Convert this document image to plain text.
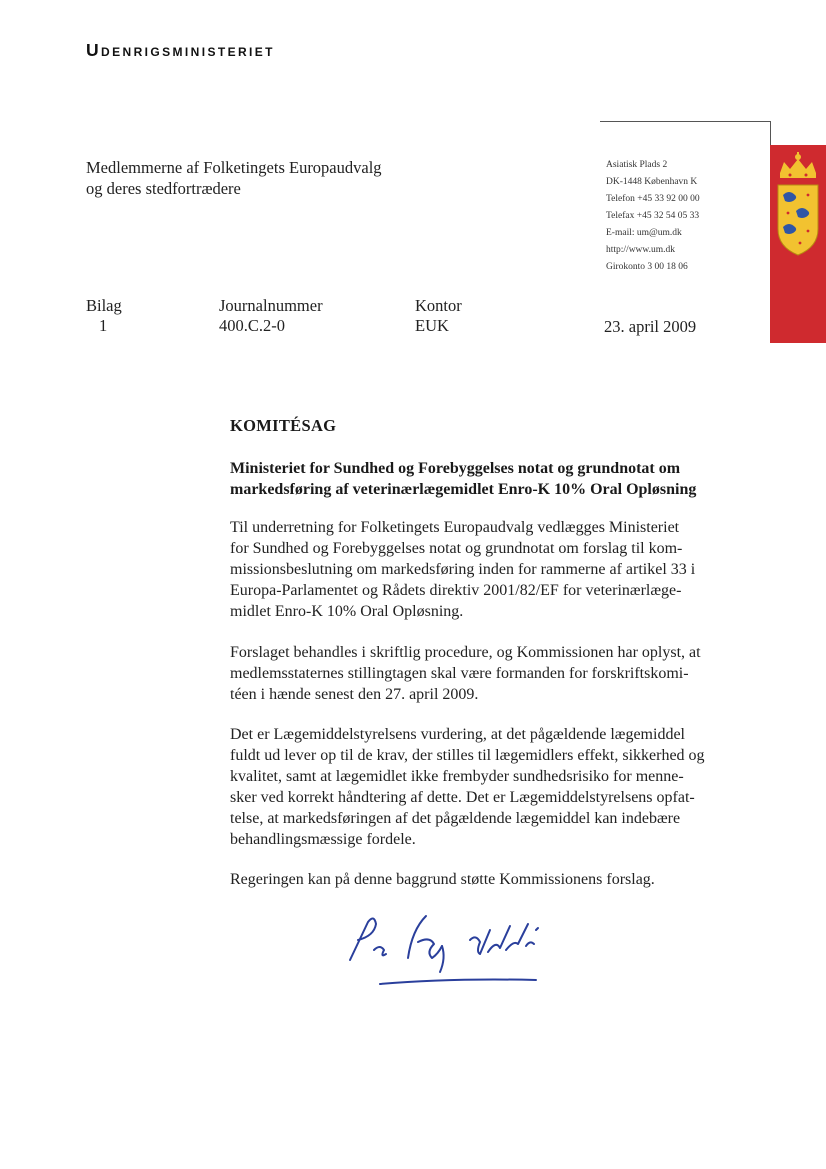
Udenrigsministeriet
Medlemmerne af Folketingets Europaudvalg
og deres stedfortrædere
Asiatisk Plads 2
DK-1448 København K
Telefon +45 33 92 00 00
Telefax +45 32 54 05 33
E-mail: um@um.dk
http://www.um.dk
Girokonto 3 00 18 06
Bilag
1
Journalnummer
400.C.2-0
Kontor
EUK	23. april 2009
KOMITÉSAG
Ministeriet for Sundhed og Forebyggelses notat og grundnotat om
markedsføring af veterinærlægemidlet Enro-K 10% Oral Opløsning
Til underretning for Folketingets Europaudvalg vedlægges Ministeriet
for Sundhed og Forebyggelses notat og grundnotat om forslag til kom-
missionsbeslutning om markedsføring inden for rammerne af artikel 33 i
Europa-Parlamentet og Rådets direktiv 2001/82/EF for veterinærlæge-
midlet Enro-K 10% Oral Opløsning.
Forslaget behandles i skriftlig procedure, og Kommissionen har oplyst, at
medlemsstaternes stillingtagen skal være formanden for forskriftskomi-
téen i hænde senest den 27. april 2009.
Det er Lægemiddelstyrelsens vurdering, at det pågældende lægemiddel
fuldt ud lever op til de krav, der stilles til lægemidlers effekt, sikkerhed og
kvalitet, samt at lægemidlet ikke frembyder sundhedsrisiko for menne-
sker ved korrekt håndtering af dette. Det er Lægemiddelstyrelsens opfat-
telse, at markedsføringen af det pågældende lægemiddel kan indebære
behandlingsmæssige fordele.
Regeringen kan på denne baggrund støtte Kommissionens forslag.
